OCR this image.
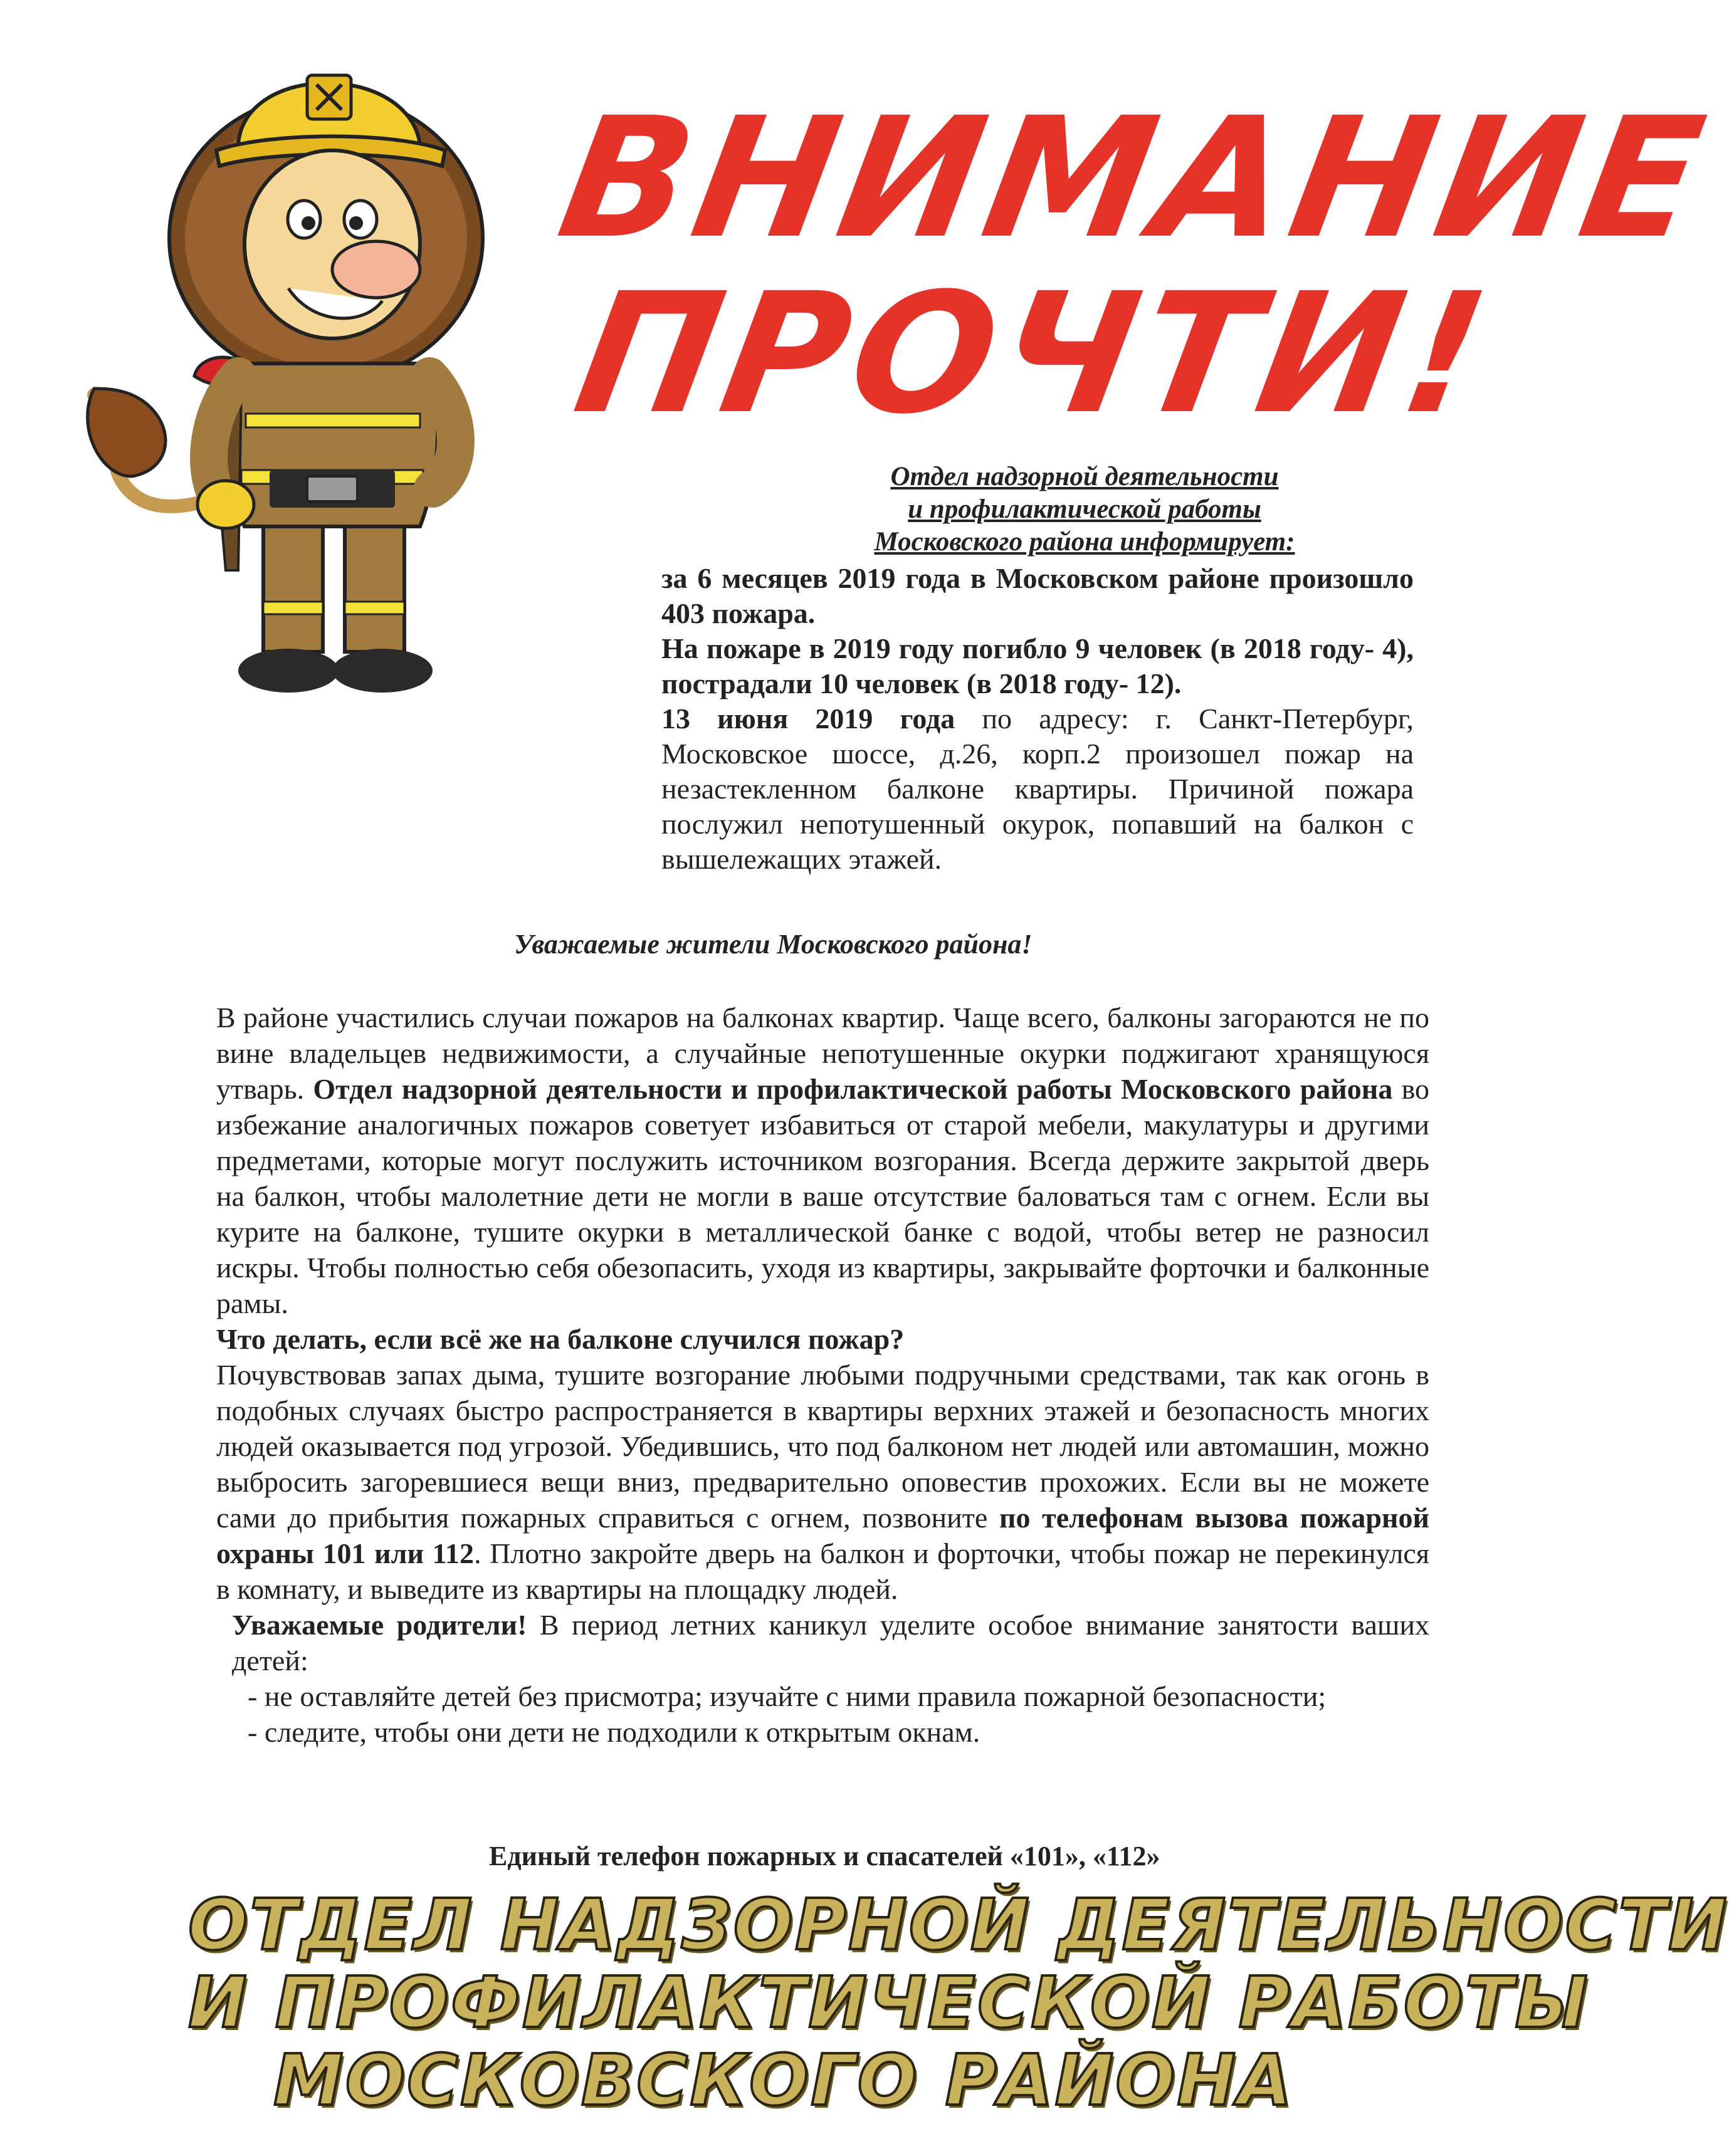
ВНИМАНИЕ
ПРОЧТИ!
Отдел надзорной деятельности
и профилактической работы
Московского района информирует:

за 6 месяцев 2019 года в Московском районе произошло 403 пожара.

На пожаре в 2019 году погибло 9 человек (в 2018 году- 4), пострадали 10 человек (в 2018 году- 12).

13 июня 2019 года по адресу: г. Санкт-Петербург, Московское шоссе, д.26, корп.2 произошел пожар на незастекленном балконе квартиры. Причиной пожара послужил непотушенный окурок, попавший на балкон с вышележащих этажей.

Уважаемые жители Московского района!

В районе участились случаи пожаров на балконах квартир. Чаще всего, балконы загораются не по вине владельцев недвижимости, а случайные непотушенные окурки поджигают хранящуюся утварь. Отдел надзорной деятельности и профилактической работы Московского района во избежание аналогичных пожаров советует избавиться от старой мебели, макулатуры и другими предметами, которые могут послужить источником возгорания. Всегда держите закрытой дверь на балкон, чтобы малолетние дети не могли в ваше отсутствие баловаться там с огнем. Если вы курите на балконе, тушите окурки в металлической банке с водой, чтобы ветер не разносил искры. Чтобы полностью себя обезопасить, уходя из квартиры, закрывайте форточки и балконные рамы.

Что делать, если всё же на балконе случился пожар?

Почувствовав запах дыма, тушите возгорание любыми подручными средствами, так как огонь в подобных случаях быстро распространяется в квартиры верхних этажей и безопасность многих людей оказывается под угрозой. Убедившись, что под балконом нет людей или автомашин, можно выбросить загоревшиеся вещи вниз, предварительно оповестив прохожих. Если вы не можете сами до прибытия пожарных справиться с огнем, позвоните по телефонам вызова пожарной охраны 101 или 112. Плотно закройте дверь на балкон и форточки, чтобы пожар не перекинулся в комнату, и выведите из квартиры на площадку людей.

Уважаемые родители! В период летних каникул уделите особое внимание занятости ваших детей:

- не оставляйте детей без присмотра; изучайте с ними правила пожарной безопасности;

- следите, чтобы они дети не подходили к открытым окнам.

Единый телефон пожарных и спасателей «101», «112»
ОТДЕЛ НАДЗОРНОЙ ДЕЯТЕЛЬНОСТИ
И ПРОФИЛАКТИЧЕСКОЙ РАБОТЫ
МОСКОВСКОГО РАЙОНА
